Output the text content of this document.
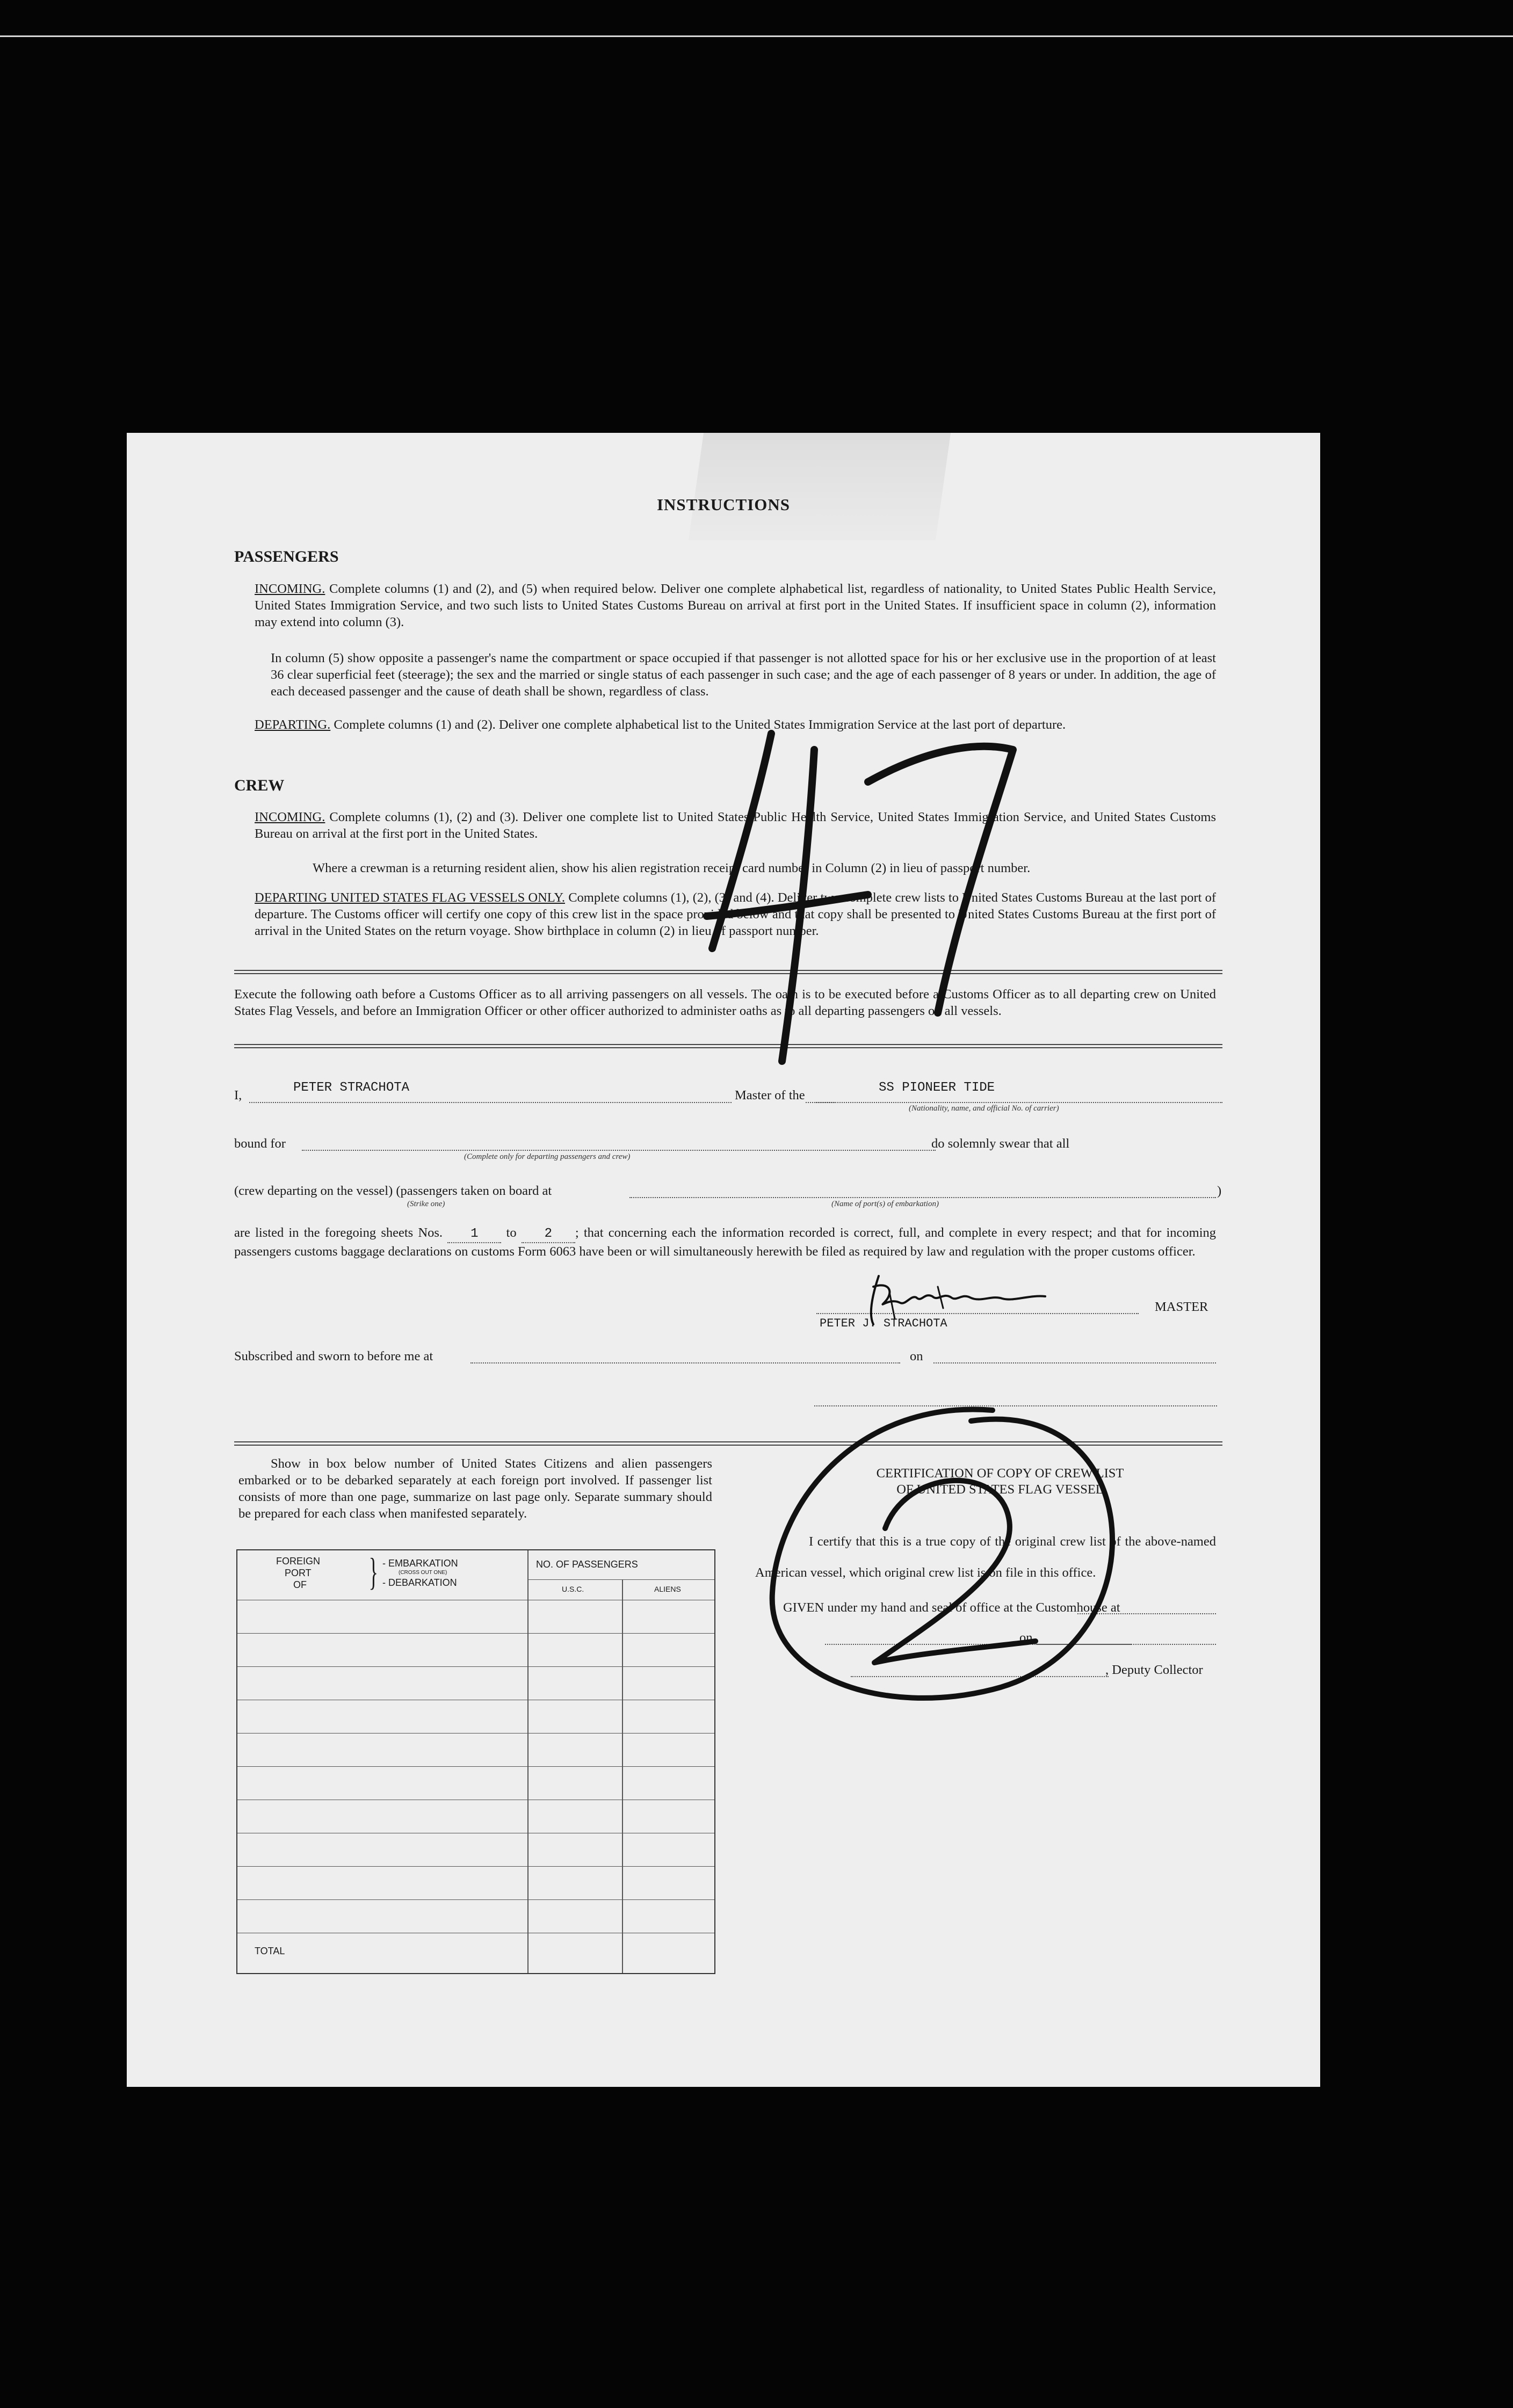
INSTRUCTIONS
PASSENGERS
INCOMING. Complete columns (1) and (2), and (5) when required below. Deliver one complete alphabetical list, regardless of nationality, to United States Public Health Service, United States Immigration Service, and two such lists to United States Customs Bureau on arrival at first port in the United States. If insufficient space in column (2), information may extend into column (3).
In column (5) show opposite a passenger's name the compartment or space occupied if that passenger is not allotted space for his or her exclusive use in the proportion of at least 36 clear superficial feet (steerage); the sex and the married or single status of each passenger in such case; and the age of each passenger of 8 years or under. In addition, the age of each deceased passenger and the cause of death shall be shown, regardless of class.
DEPARTING. Complete columns (1) and (2). Deliver one complete alphabetical list to the United States Immigration Service at the last port of departure.
CREW
INCOMING. Complete columns (1), (2) and (3). Deliver one complete list to United States Public Health Service, United States Immigration Service, and United States Customs Bureau on arrival at the first port in the United States.
Where a crewman is a returning resident alien, show his alien registration receipt card number in Column (2) in lieu of passport number.
DEPARTING UNITED STATES FLAG VESSELS ONLY. Complete columns (1), (2), (3) and (4). Deliver two complete crew lists to United States Customs Bureau at the last port of departure. The Customs officer will certify one copy of this crew list in the space provided below and that copy shall be presented to United States Customs Bureau at the first port of arrival in the United States on the return voyage. Show birthplace in column (2) in lieu of passport number.
Execute the following oath before a Customs Officer as to all arriving passengers on all vessels. The oath is to be executed before a Customs Officer as to all departing crew on United States Flag Vessels, and before an Immigration Officer or other officer authorized to administer oaths as to all departing passengers on all vessels.
I,
PETER STRACHOTA
Master of the
SS PIONEER TIDE
(Nationality, name, and official No. of carrier)
bound for
(Complete only for departing passengers and crew)
do solemnly swear that all
(crew departing on the vessel) (passengers taken on board at	)
(Strike one)	(Name of port(s) of embarkation)
are listed in the foregoing sheets Nos. 1 to 2 ; that concerning each the information recorded is correct, full, and complete in every respect; and that for incoming passengers customs baggage declarations on customs Form 6063 have been or will simultaneously herewith be filed as required by law and regulation with the proper customs officer.
MASTER
PETER J. STRACHOTA
Subscribed and sworn to before me at	on
Show in box below number of United States Citizens and alien passengers embarked or to be debarked separately at each foreign port involved. If passenger list consists of more than one page, summarize on last page only. Separate summary should be prepared for each class when manifested separately.
FOREIGN
PORT
OF } - EMBARKATION
(CROSS OUT ONE)
- DEBARKATION
NO. OF PASSENGERS
U.S.C.	ALIENS
TOTAL
CERTIFICATION OF COPY OF CREW LIST
OF UNITED STATES FLAG VESSEL
I certify that this is a true copy of the original crew list of the above-named American vessel, which original crew list is on file in this office.
GIVEN under my hand and seal of office at the Customhouse at
on
, Deputy Collector
